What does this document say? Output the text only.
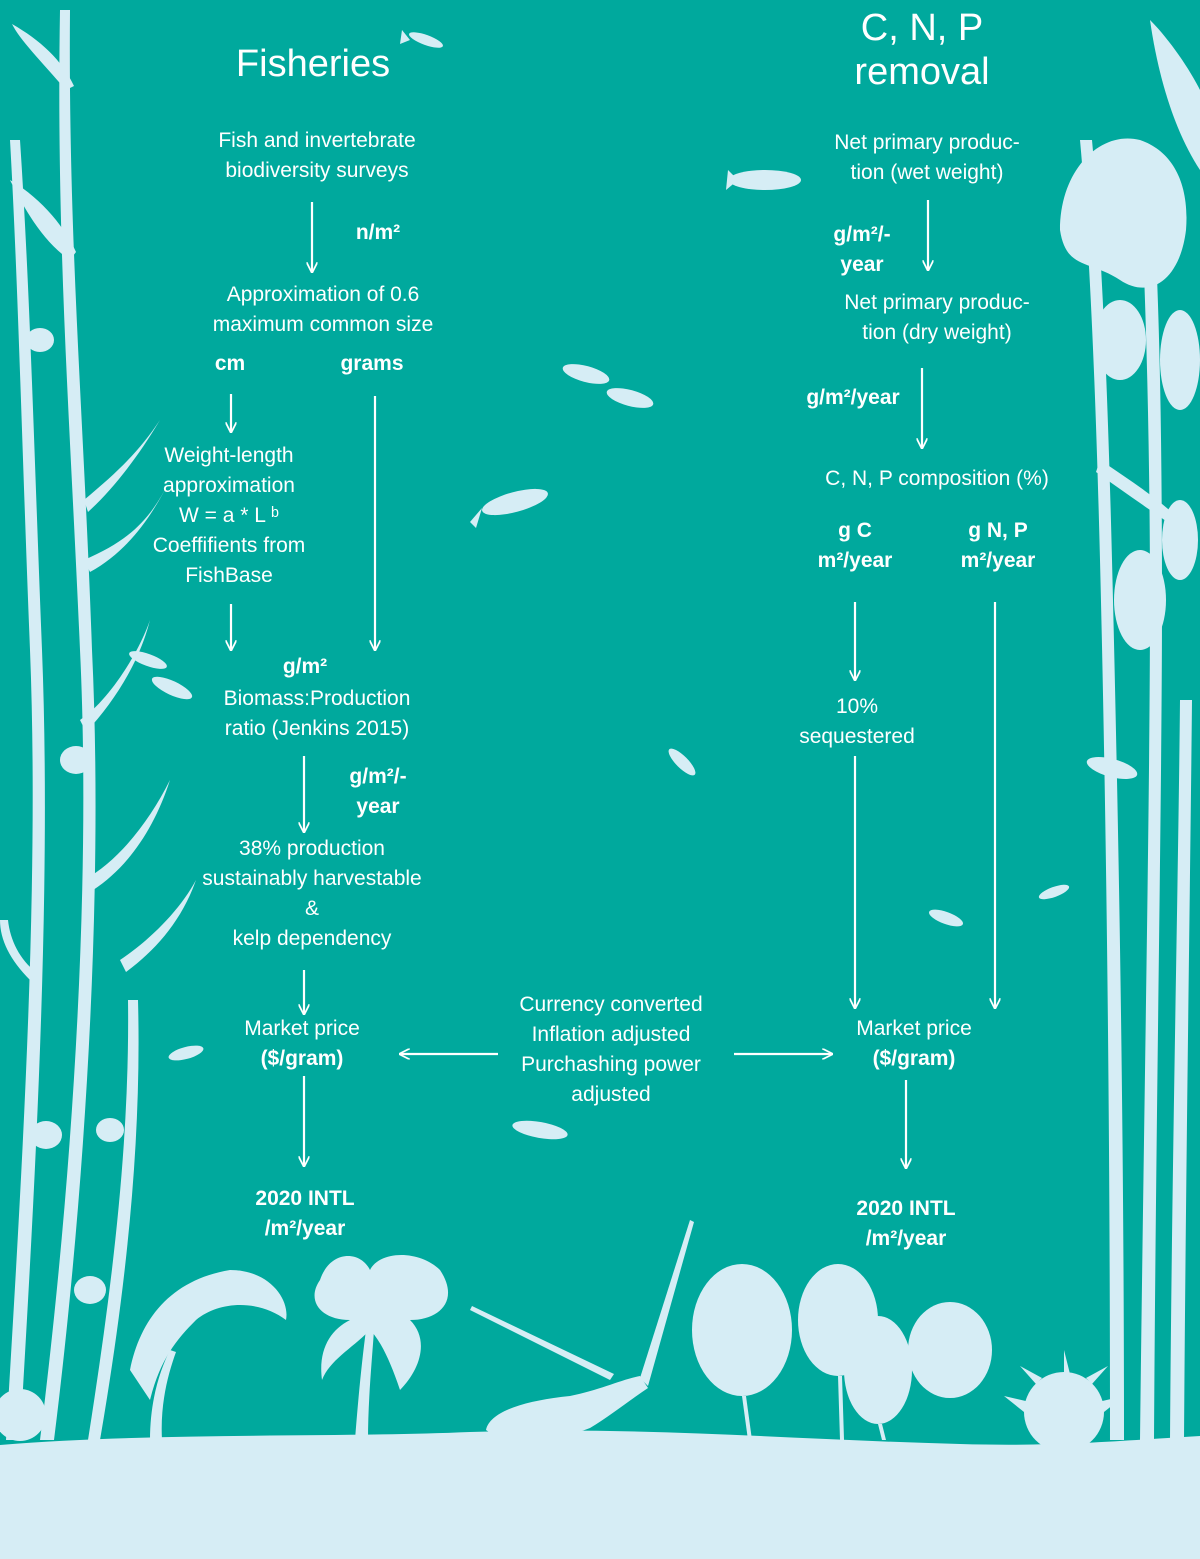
Fisheries
Fish and invertebrate
biodiversity surveys
n/m²
Approximation of 0.6
maximum common size
cm	grams
Weight-length
approximation
W = a * L ᵇ
Coeffifients from
FishBase
g/m²
Biomass:Production
ratio (Jenkins 2015)
g/m²/-
year
38% production
sustainably harvestable
&
kelp dependency
Market price
($/gram)
2020 INTL
/m²/year
Currency converted
Inflation adjusted
Purchashing power
adjusted
C, N, P
removal
Net primary produc-
tion (wet weight)
g/m²/-
year
Net primary produc-
tion (dry weight)
g/m²/year
C, N, P composition (%)
g C
m²/year
g N, P
m²/year
10%
sequestered
Market price
($/gram)
2020 INTL
/m²/year
